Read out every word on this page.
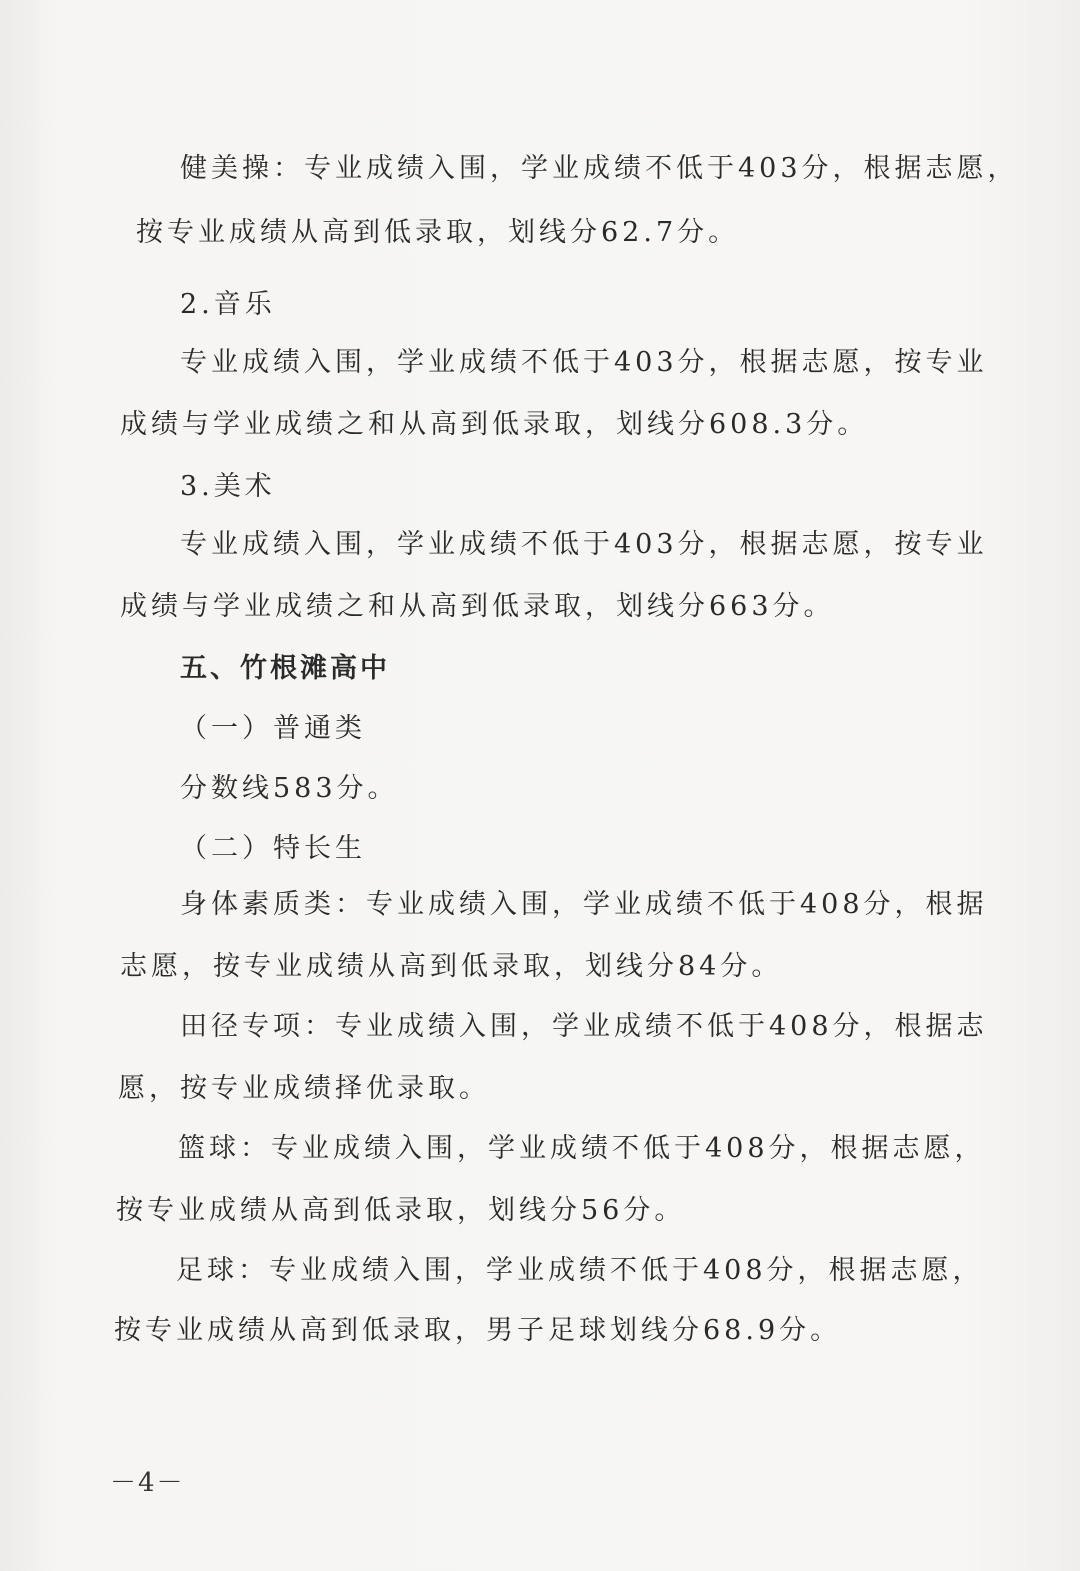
健美操：专业成绩入围，学业成绩不低于403分，根据志愿，
按专业成绩从高到低录取，划线分62.7分。
2.音乐
专业成绩入围，学业成绩不低于403分，根据志愿，按专业
成绩与学业成绩之和从高到低录取，划线分608.3分。
3.美术
专业成绩入围，学业成绩不低于403分，根据志愿，按专业
成绩与学业成绩之和从高到低录取，划线分663分。
五、竹根滩高中
（一）普通类
分数线583分。
（二）特长生
身体素质类：专业成绩入围，学业成绩不低于408分，根据
志愿，按专业成绩从高到低录取，划线分84分。
田径专项：专业成绩入围，学业成绩不低于408分，根据志
愿，按专业成绩择优录取。
篮球：专业成绩入围，学业成绩不低于408分，根据志愿，
按专业成绩从高到低录取，划线分56分。
足球：专业成绩入围，学业成绩不低于408分，根据志愿，
按专业成绩从高到低录取，男子足球划线分68.9分。
－4－
